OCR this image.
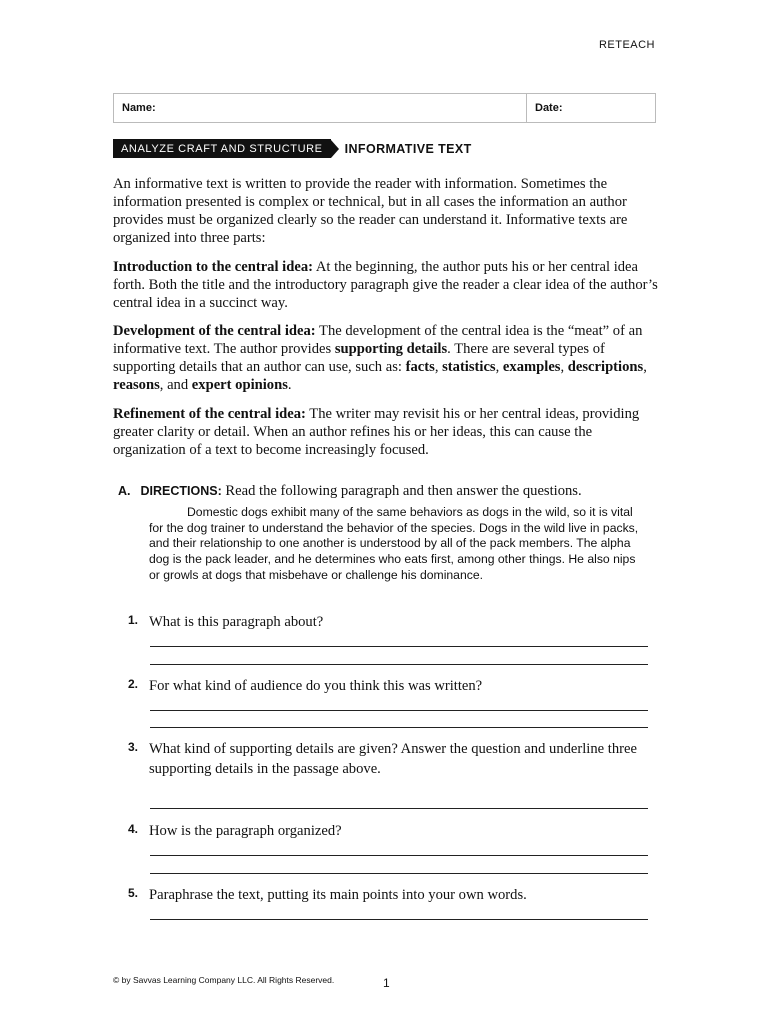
RETEACH
Name:	Date:
ANALYZE CRAFT AND STRUCTURE	INFORMATIVE TEXT

An informative text is written to provide the reader with information. Sometimes the information presented is complex or technical, but in all cases the information an author provides must be organized clearly so the reader can understand it. Informative texts are organized into three parts:

Introduction to the central idea: At the beginning, the author puts his or her central idea forth. Both the title and the introductory paragraph give the reader a clear idea of the author’s central idea in a succinct way.

Development of the central idea: The development of the central idea is the “meat” of an informative text. The author provides supporting details. There are several types of supporting details that an author can use, such as: facts, statistics, examples, descriptions, reasons, and expert opinions.

Refinement of the central idea: The writer may revisit his or her central ideas, providing greater clarity or detail. When an author refines his or her ideas, this can cause the organization of a text to become increasingly focused.

A. DIRECTIONS: Read the following paragraph and then answer the questions.

Domestic dogs exhibit many of the same behaviors as dogs in the wild, so it is vital for the dog trainer to understand the behavior of the species. Dogs in the wild live in packs, and their relationship to one another is understood by all of the pack members. The alpha dog is the pack leader, and he determines who eats first, among other things. He also nips or growls at dogs that misbehave or challenge his dominance.

1. What is this paragraph about?
2. For what kind of audience do you think this was written?
3. What kind of supporting details are given? Answer the question and underline three supporting details in the passage above.
4. How is the paragraph organized?
5. Paraphrase the text, putting its main points into your own words.
© by Savvas Learning Company LLC. All Rights Reserved.	1
